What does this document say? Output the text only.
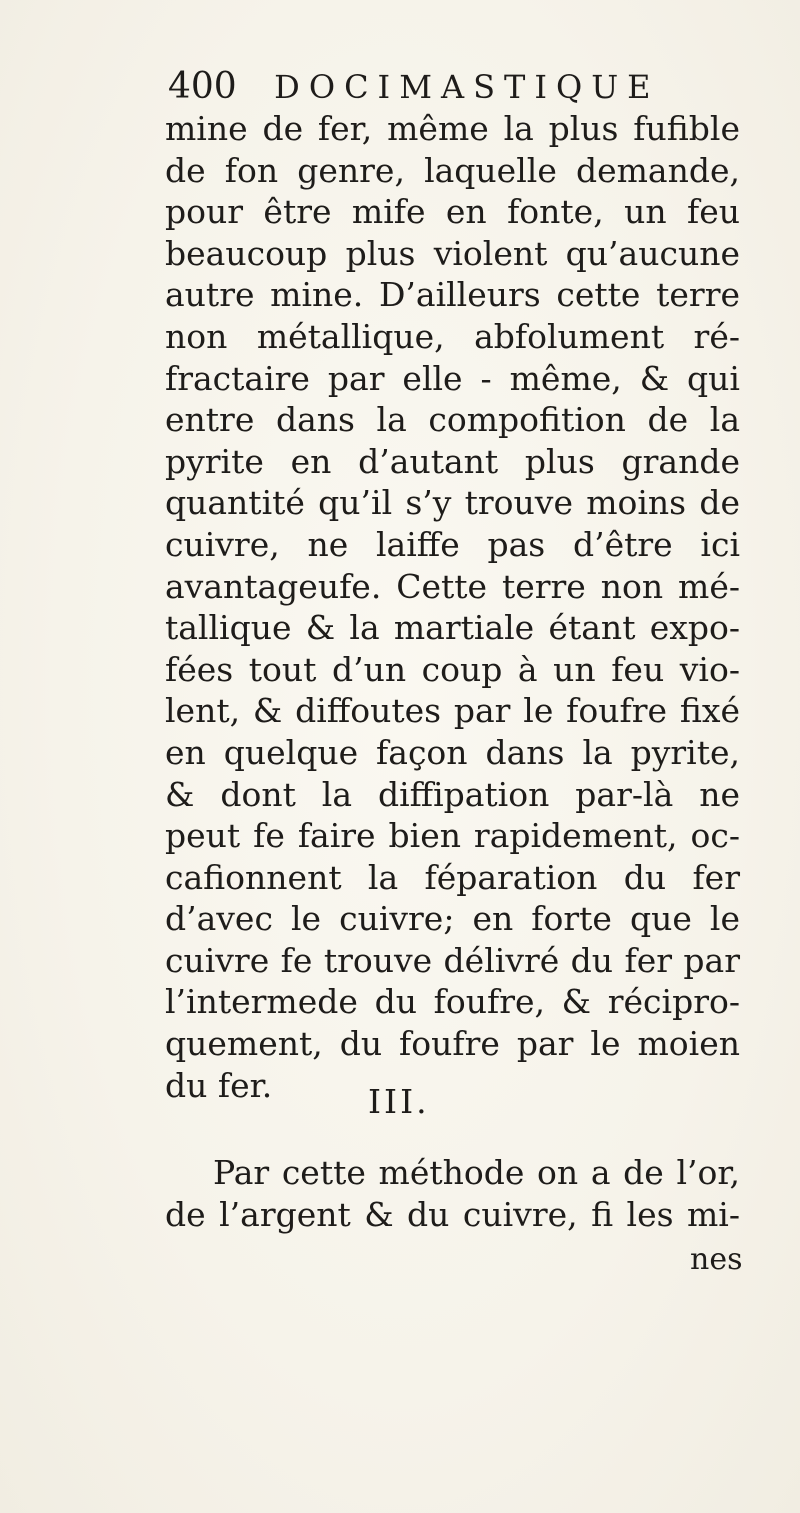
400 DOCIMASTIQUE
mine de fer, même la plus fufible
de fon genre, laquelle demande,
pour être mife en fonte, un feu
beaucoup plus violent qu’aucune
autre mine. D’ailleurs cette terre
non métallique, abfolument ré-
fractaire par elle - même, & qui
entre dans la compofition de la
pyrite en d’autant plus grande
quantité qu’il s’y trouve moins de
cuivre, ne laiffe pas d’être ici
avantageufe. Cette terre non mé-
tallique & la martiale étant expo-
fées tout d’un coup à un feu vio-
lent, & diffoutes par le foufre fixé
en quelque façon dans la pyrite,
& dont la diffipation par-là ne
peut fe faire bien rapidement, oc-
cafionnent la féparation du fer
d’avec le cuivre; en forte que le
cuivre fe trouve délivré du fer par
l’intermede du foufre, & récipro-
quement, du foufre par le moien
du fer.	III.
Par cette méthode on a de l’or,
de l’argent & du cuivre, fi les mi-
nes
